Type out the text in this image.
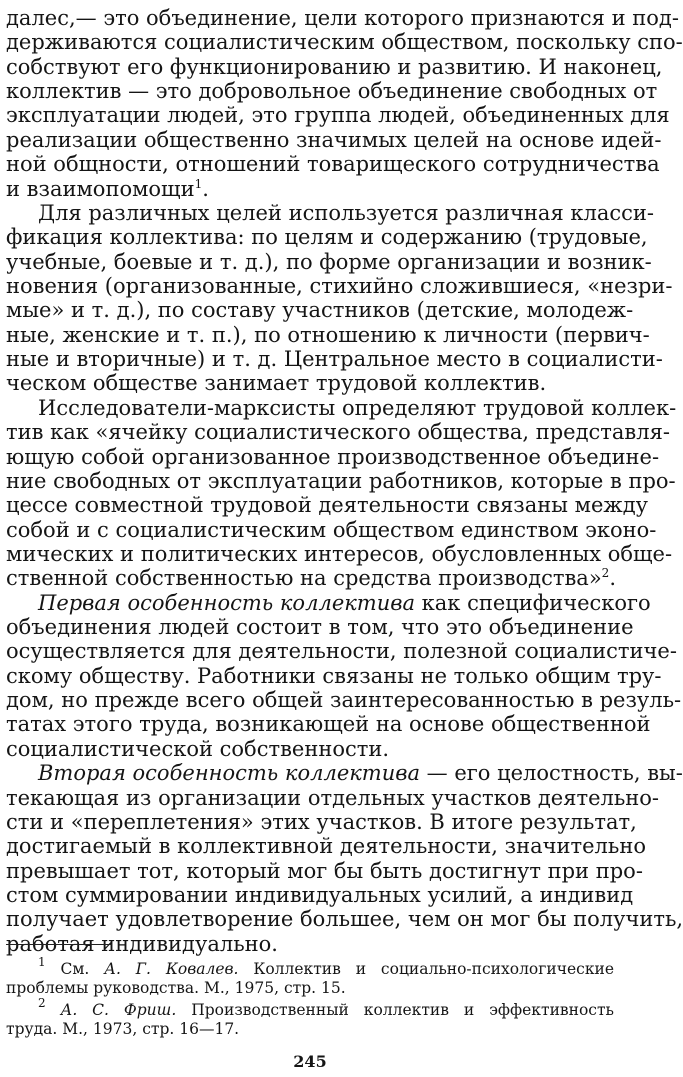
далес,— это объединение, цели которого признаются и под-
держиваются социалистическим обществом, поскольку спо-
собствуют его функционированию и развитию. И наконец,
коллектив — это добровольное объединение свободных от
эксплуатации людей, это группа людей, объединенных для
реализации общественно значимых целей на основе идей-
ной общности, отношений товарищеского сотрудничества
и взаимопомощи$^1$.
Для различных целей используется различная класси-
фикация коллектива: по целям и содержанию (трудовые,
учебные, боевые и т. д.), по форме организации и возник-
новения (организованные, стихийно сложившиеся, «незри-
мые» и т. д.), по составу участников (детские, молодеж-
ные, женские и т. п.), по отношению к личности (первич-
ные и вторичные) и т. д. Центральное место в социалисти-
ческом обществе занимает трудовой коллектив.
Исследователи-марксисты определяют трудовой коллек-
тив как «ячейку социалистического общества, представля-
ющую собой организованное производственное объедине-
ние свободных от эксплуатации работников, которые в про-
цессе совместной трудовой деятельности связаны между
собой и с социалистическим обществом единством эконо-
мических и политических интересов, обусловленных обще-
ственной собственностью на средства производства»$^2$.
Первая особенность коллектива как специфического
объединения людей состоит в том, что это объединение
осуществляется для деятельности, полезной социалистиче-
скому обществу. Работники связаны не только общим тру-
дом, но прежде всего общей заинтересованностью в резуль-
татах этого труда, возникающей на основе общественной
социалистической собственности.
Вторая особенность коллектива — его целостность, вы-
текающая из организации отдельных участков деятельно-
сти и «переплетения» этих участков. В итоге результат,
достигаемый в коллективной деятельности, значительно
превышает тот, который мог бы быть достигнут при про-
стом суммировании индивидуальных усилий, а индивид
получает удовлетворение большее, чем он мог бы получить,
работая индивидуально.
$^1$ См. А. Г. Ковалев. Коллектив и социально-психологические
проблемы руководства. М., 1975, стр. 15.
$^2$ А. С. Фриш. Производственный коллектив и эффективность
труда. М., 1973, стр. 16—17.
245
